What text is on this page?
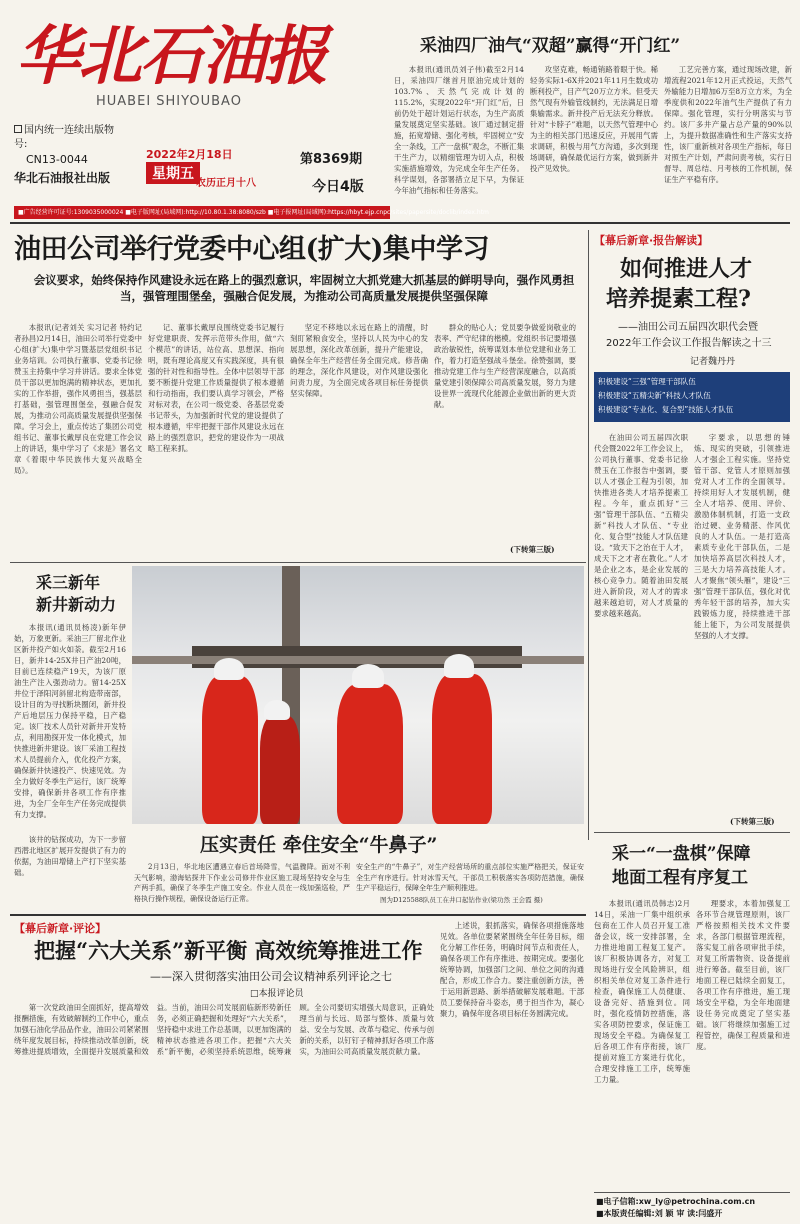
华北石油报
HUABEI SHIYOUBAO
国内统一连续出版物号:
CN13-0044
华北石油报社出版
2022年2月18日
星期五
农历正月十八
第8369期
今日4版
■广告经营许可证号:1309035000024 ■电子版网址(局域网):http://10.80.1.38:8080/szb ■电子报网址(局域网):https://hbyt.ejp.cnpc/sites/papersite/doclib/index.htm
采油四厂油气“双超”赢得“开门红”
本报讯(通讯员刘子伟)截至2月14日，采油四厂继首月原油完成计划的103.7%、天然气完成计划的115.2%，实现2022年“开门红”后，日前仍处于超计划运行状态，为生产高质量发展奠定坚实基础。该厂通过制定措施，拓宽增储、强化考核，牢固树立“安全一条线，工产一盘棋”观念，不断汇集干生产力，以精细管理为切入点，积极实施措施增效，为完成全年生产任务。科学谋划，各部署措立足下早，为保证今年油气指标和任务落实。
攻坚克难，畅通销路着眼于快。稀轻务实际1-6X并2021年11月生数成功断利投产，目产气20万立方米。但受天然气现有外输管线制约，无法满足日增集输需求。新井投产后无法充分释放。针对“卡脖子”难题，以天然气管理中心为主的相关部门迅速反应，开展用气需求调研，积极与用气方沟通，多次到现场调研，确保最优运行方案，做到新井投产见效快。
工艺完善方案，通过现场改建，新增流程2021年12月正式投运，天然气外输能力日增加6万至8万立方米，为全季度供和2022年油气生产提供了有力保障。强化管理，实行分明落实与节约。该厂多井产量占总产量的90%以上，为提升数据准确性和生产落实支持性，该厂重新核对各项生产指标，每日对照生产计划，严肃问责考核，实行日督导、周总结、月考核的工作机制，保证生产平稳有序。
油田公司举行党委中心组(扩大)集中学习
会议要求，始终保持作风建设永远在路上的强烈意识，牢固树立大抓党建大抓基层的鲜明导向，强作风勇担当，强管理围堡垒，强融合促发展，为推动公司高质量发展提供坚强保障
本报讯(记者刘关 实习记者 特约记者孙昌)2月14日，油田公司举行党委中心组(扩大)集中学习暨基层党组织书记业务培训。公司执行董事、党委书记徐赞玉主持集中学习并讲话。要求全体党员干部以更加饱满的精神状态，更加扎实的工作举措，强作风勇担当，强基层打基础，强管理围堡垒，强融合促发展，为推动公司高质量发展提供坚强保障。学习会上，重点传达了集团公司党组书记、董事长戴厚良在党建工作会议上的讲话，集中学习了《求是》署名文章《着眼中华民族伟大复兴战略全局》。
记、董事长戴厚良围绕党委书记履行好党建职责、发挥示范带头作用，做“六个模范”的讲话，站位高、思想深、指向明，既有理论高度又有实践深度，具有很强的针对性和指导性。全体中层领导干部要不断提升党建工作质量提供了根本遵循和行动指南，我们要认真学习领会，严格对标对表，在公司一级党委、各基层党委书记带头，为加强新时代党的建设提供了根本遵循，牢牢把握干部作风建设永远在路上的强烈意识，把党的建设作为一项战略工程来抓。
坚定不移地以永远在路上的清醒，时刻盯紧粮食安全，坚持以人民为中心的发展思想，深化改革创新，提升产能建设，确保全年生产经营任务全面完成。修昔确的理念，深化作风建设，对作风建设强化问责力度，为全面完成各项目标任务提供坚实保障。
群众的贴心人；党员要争做爱岗敬业的表率、严守纪律的楷模。党组织书记要增强政治敏锐性，统筹谋划本单位党建和业务工作，着力打造坚强战斗堡垒。徐赞强调，要推动党建工作与生产经营深度融合，以高质量党建引领保障公司高质量发展，努力为建设世界一流现代化能源企业做出新的更大贡献。
(下转第三版)
【幕后新章·报告解读】
如何推进人才
培养提素工程?
——油田公司五届四次职代会暨
2022年工作会议工作报告解读之十三
记者魏丹丹
积极建设“三强”管理干部队伍
积极建设“五精尖新”科技人才队伍
积极建设“专业化、复合型”技能人才队伍
在油田公司五届四次职代会暨2022年工作会议上，公司执行董事、党委书记徐赞玉在工作报告中强调，要以人才强企工程为引领，加快推进各类人才培养提素工程。今年，重点抓好“三强”管理干部队伍、“五精尖新”科技人才队伍、“专业化、复合型”技能人才队伍建设。“致天下之治在于人才，成天下之才者在教化。”人才是企业之本，是企业发展的核心竞争力。随着油田发展进入新阶段，对人才的需求越来越迫切，对人才质量的要求越来越高。
字要求，以思想的锤炼、现实的突破，引领推进人才强企工程实施。坚持党管干部、党管人才原则加强党对人才工作的全面领导。持续用好人才发展机制，健全人才培养、使用、评价、激励体制机制，打造一支政治过硬、业务精湛、作风优良的人才队伍。一是打造高素质专业化干部队伍，二是加快培养高层次科技人才，三是大力培养高技能人才。人才聚焦“领头雁”，建设“三强”管理干部队伍，强化对优秀年轻干部的培养，加大实践锻炼力度，持续推进干部能上能下，为公司发展提供坚强的人才支撑。
(下转第三版)
采一“一盘棋”保障
地面工程有序复工
本报讯(通讯员韩志)2月14日，采油一厂集中组织承包商在工作人员召开复工准备会议，统一安排部署，全力推进地面工程复工复产。该厂积极协调各方，对复工现场进行安全风险辨识，组织相关单位对复工条件进行检查，确保施工人员健康、设备完好、措施到位。同时，强化疫情防控措施，落实各项防控要求，保证施工现场安全平稳。为确保复工后各项工作有序衔接，该厂提前对施工方案进行优化，合理安排施工工序，统筹施工力量。
理要求，本着加强复工各环节合规管理原则，该厂严格按照相关技术文件要求，各部门根据管理流程，落实复工前各项审批手续，对复工所需物资、设备提前进行筹备。截至目前，该厂地面工程已陆续全面复工，各项工作有序推进，施工现场安全平稳，为全年地面建设任务完成奠定了坚实基础。该厂将继续加强施工过程管控，确保工程质量和进度。
采三新年
新井新动力
本报讯(通讯员杨凌)新年伊始，万象更新。采油三厂留北作业区新井投产如火如荼。截至2月16日，新井14-25X井日产油20吨，目前已连续稳产19天，为该厂原油生产注入强劲动力。留14-25X井位于泽阳河斜留北构造带南部，设计目的为寻找断块圈闭，新井投产后地层压力保持平稳，日产稳定。该厂技术人员针对新井开发特点，利用勘探开发一体化模式，加快推进新井建设。该厂采油工程技术人员提前介入，优化投产方案，确保新井快速投产、快速见效。为全力做好冬季生产运行，该厂统筹安排，确保新井各项工作有序推进，为全厂全年生产任务完成提供有力支撑。
该井的钻探成功，为下一步留西潜北地区扩展开发提供了有力的依据，为油田增储上产打下坚实基础。
压实责任 牵住安全“牛鼻子”
2月13日，华北地区遭遇立春后首场降雪，气温骤降。面对不利天气影响，渤海钻探井下作业公司修井作业区施工现场坚持安全与生产两手抓，确保了冬季生产施工安全。作业人员在一线加强巡检，严格执行操作规程，确保设备运行正常。
安全生产的“牛鼻子”，对生产经营场所的重点部位实施严格把关，保证安全生产有序进行。针对冰雪天气，干部员工积极落实各项防范措施，确保生产平稳运行，保障全年生产顺利推进。
图为D125588队员工在井口起钻作业(梁功然 王会霞 摄)
【幕后新章·评论】
把握“六大关系”新平衡 高效统筹推进工作
——深入贯彻落实油田公司会议精神系列评论之七
□本报评论员
第一次党政油田全面抓好，提高增效报酬措施，有效破解制约工作中心，重点加强石油化学品品作业，油田公司紧紧围绕年度发展目标，持续推动改革创新，统筹推进提质增效，全面提升发展质量和效益。当前，油田公司发展面临新形势新任务，必须正确把握和处理好“六大关系”，坚持稳中求进工作总基调，以更加饱满的精神状态推进各项工作。把握“六大关系”新平衡，必须坚持系统思维，统筹兼顾。全公司要切实增强大局意识，正确处理当前与长远、局部与整体、质量与效益、安全与发展、改革与稳定、传承与创新的关系，以钉钉子精神抓好各项工作落实，为油田公司高质量发展贡献力量。
上述说，狠抓落实，确保各项措施落地见效。各单位要紧紧围绕全年任务目标，细化分解工作任务，明确时间节点和责任人，确保各项工作有序推进、按期完成。要强化统筹协调，加强部门之间、单位之间的沟通配合，形成工作合力。要注重创新方法，善于运用新思路、新举措破解发展难题。干部员工要保持奋斗姿态，勇于担当作为，凝心聚力，确保年度各项目标任务圆满完成。
■电子信箱:xw_ly@petrochina.com.cn
■本版责任编辑:刘 颖 审 读:闫盛开
